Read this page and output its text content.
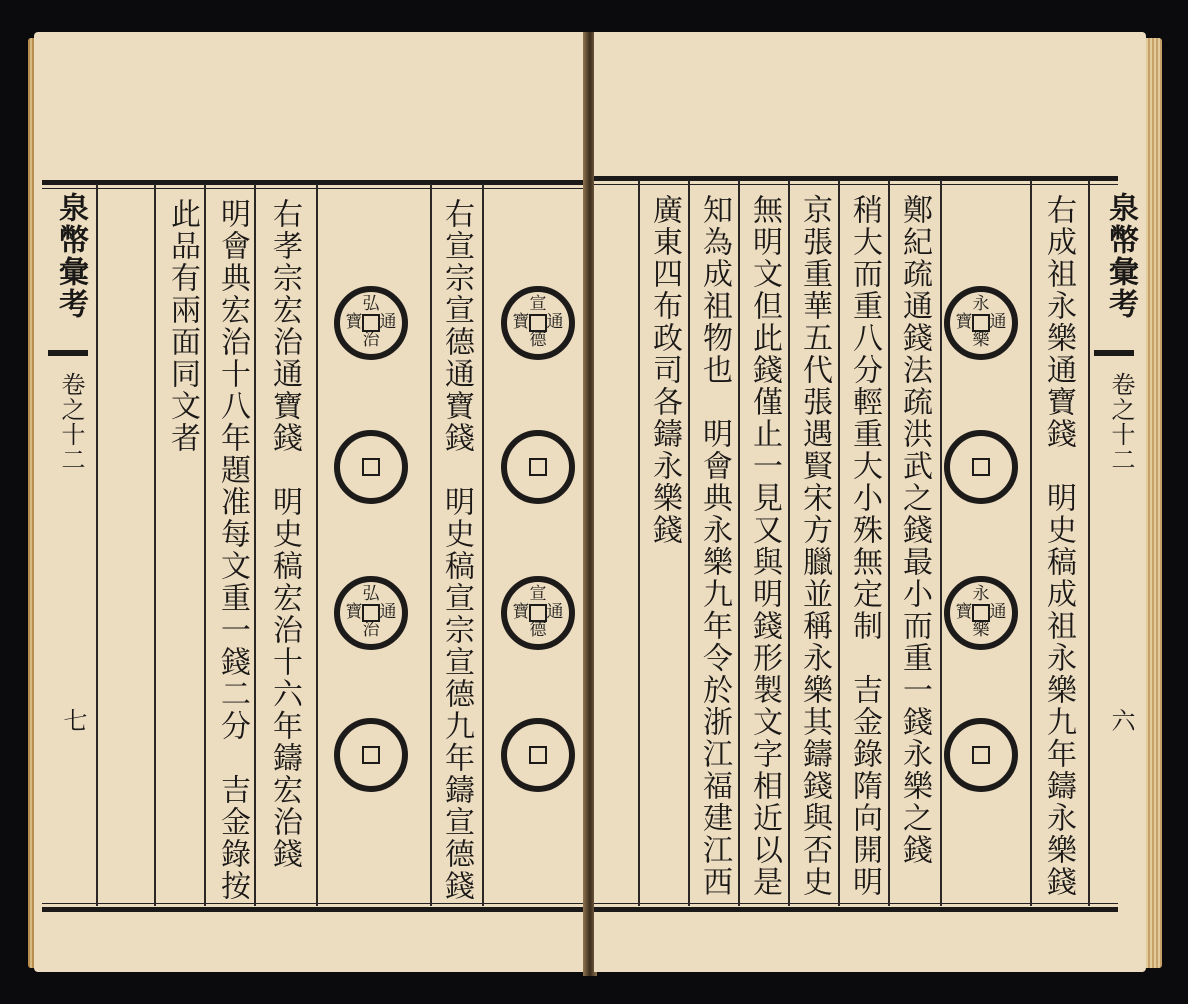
泉幣彙考
卷之十二
七	右宣宗宣德通寶錢　明史稿宣宗宣德九年鑄宣德錢
右孝宗宏治通寶錢　明史稿宏治十六年鑄宏治錢
明會典宏治十八年題准每文重一錢二分　吉金錄按
此品有兩面同文者	宣
通
德
寶
宣
通
德
寶
弘
通
治
寶
弘
通
治
寶
泉幣彙考
卷之十二
六
永
通
樂
寶
永
通
樂
寶 右成祖永樂通寶錢　明史稿成祖永樂九年鑄永樂錢
鄭紀疏通錢法疏洪武之錢最小而重一錢永樂之錢
稍大而重八分輕重大小殊無定制　吉金錄隋向開明
京張重華五代張遇賢宋方臘並稱永樂其鑄錢與否史
無明文但此錢僅止一見又與明錢形製文字相近以是
知為成祖物也　明會典永樂九年令於浙江福建江西
廣東四布政司各鑄永樂錢
